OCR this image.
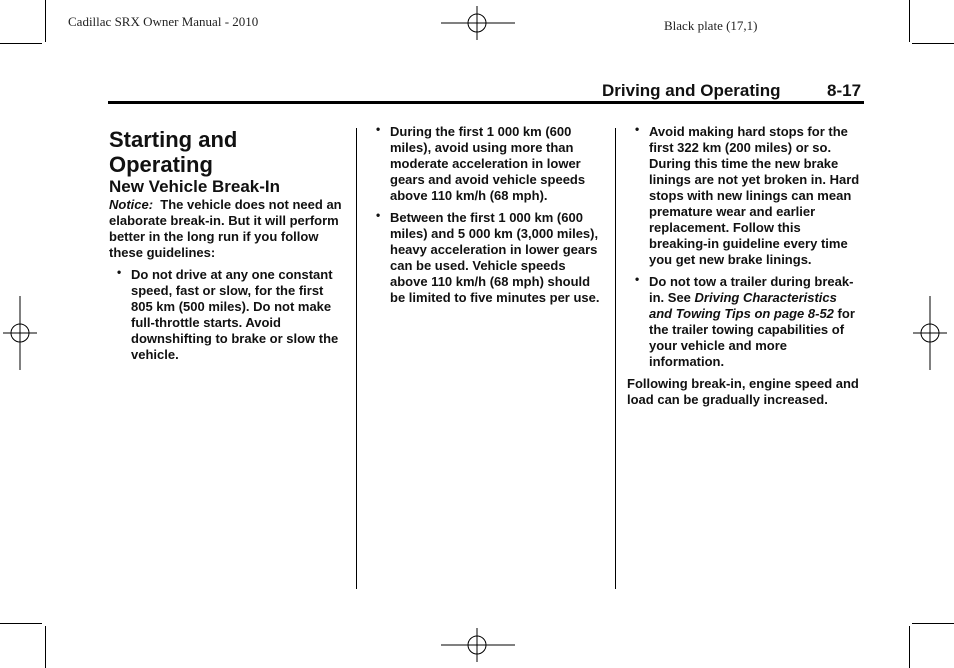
Cadillac SRX Owner Manual - 2010	Black plate (17,1)
Driving and Operating	8-17

Starting and Operating

New Vehicle Break-In

Notice: The vehicle does not need an elaborate break-in. But it will perform better in the long run if you follow these guidelines:

• Do not drive at any one constant speed, fast or slow, for the first 805 km (500 miles). Do not make full-throttle starts. Avoid downshifting to brake or slow the vehicle.

• During the first 1 000 km (600 miles), avoid using more than moderate acceleration in lower gears and avoid vehicle speeds above 110 km/h (68 mph).

• Between the first 1 000 km (600 miles) and 5 000 km (3,000 miles), heavy acceleration in lower gears can be used. Vehicle speeds above 110 km/h (68 mph) should be limited to five minutes per use.

• Avoid making hard stops for the first 322 km (200 miles) or so. During this time the new brake linings are not yet broken in. Hard stops with new linings can mean premature wear and earlier replacement. Follow this breaking-in guideline every time you get new brake linings.

• Do not tow a trailer during break-in. See Driving Characteristics and Towing Tips on page 8-52 for the trailer towing capabilities of your vehicle and more information.

Following break-in, engine speed and load can be gradually increased.
